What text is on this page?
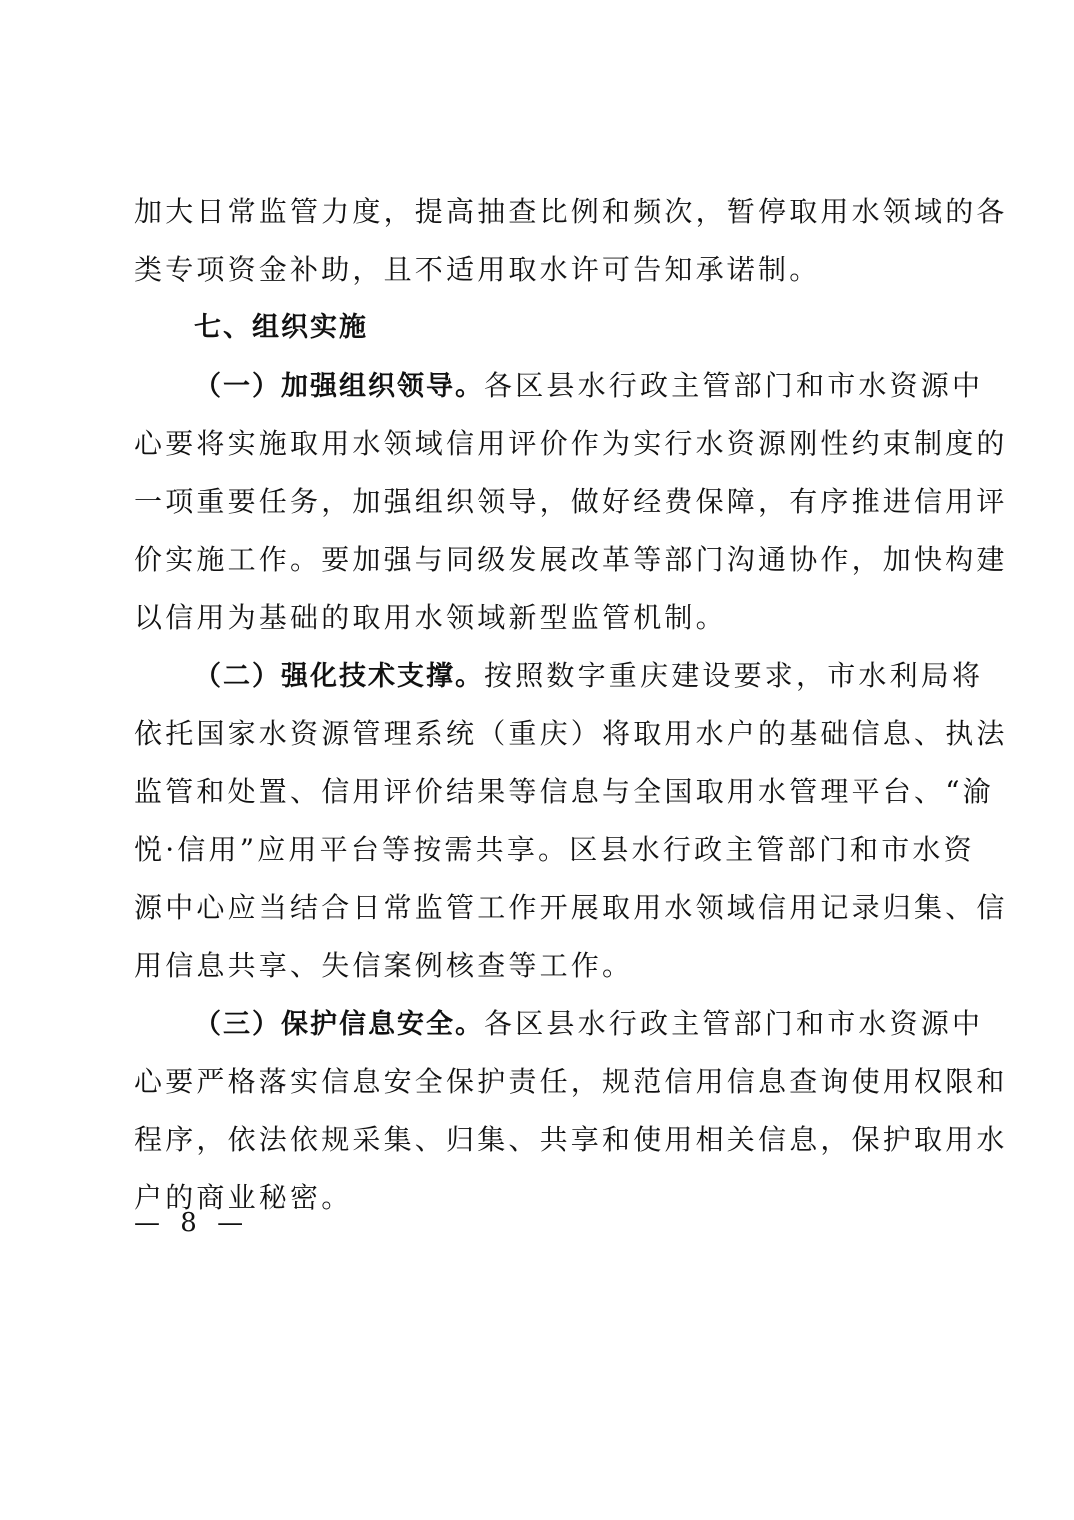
加大日常监管力度，提高抽查比例和频次，暂停取用水领域的各
类专项资金补助，且不适用取水许可告知承诺制。
七、组织实施
（一）加强组织领导。各区县水行政主管部门和市水资源中
心要将实施取用水领域信用评价作为实行水资源刚性约束制度的
一项重要任务，加强组织领导，做好经费保障，有序推进信用评
价实施工作。要加强与同级发展改革等部门沟通协作，加快构建
以信用为基础的取用水领域新型监管机制。
（二）强化技术支撑。按照数字重庆建设要求，市水利局将
依托国家水资源管理系统（重庆）将取用水户的基础信息、执法
监管和处置、信用评价结果等信息与全国取用水管理平台、“渝
悦·信用”应用平台等按需共享。区县水行政主管部门和市水资
源中心应当结合日常监管工作开展取用水领域信用记录归集、信
用信息共享、失信案例核查等工作。
（三）保护信息安全。各区县水行政主管部门和市水资源中
心要严格落实信息安全保护责任，规范信用信息查询使用权限和
程序，依法依规采集、归集、共享和使用相关信息，保护取用水
户的商业秘密。
— 8 —
